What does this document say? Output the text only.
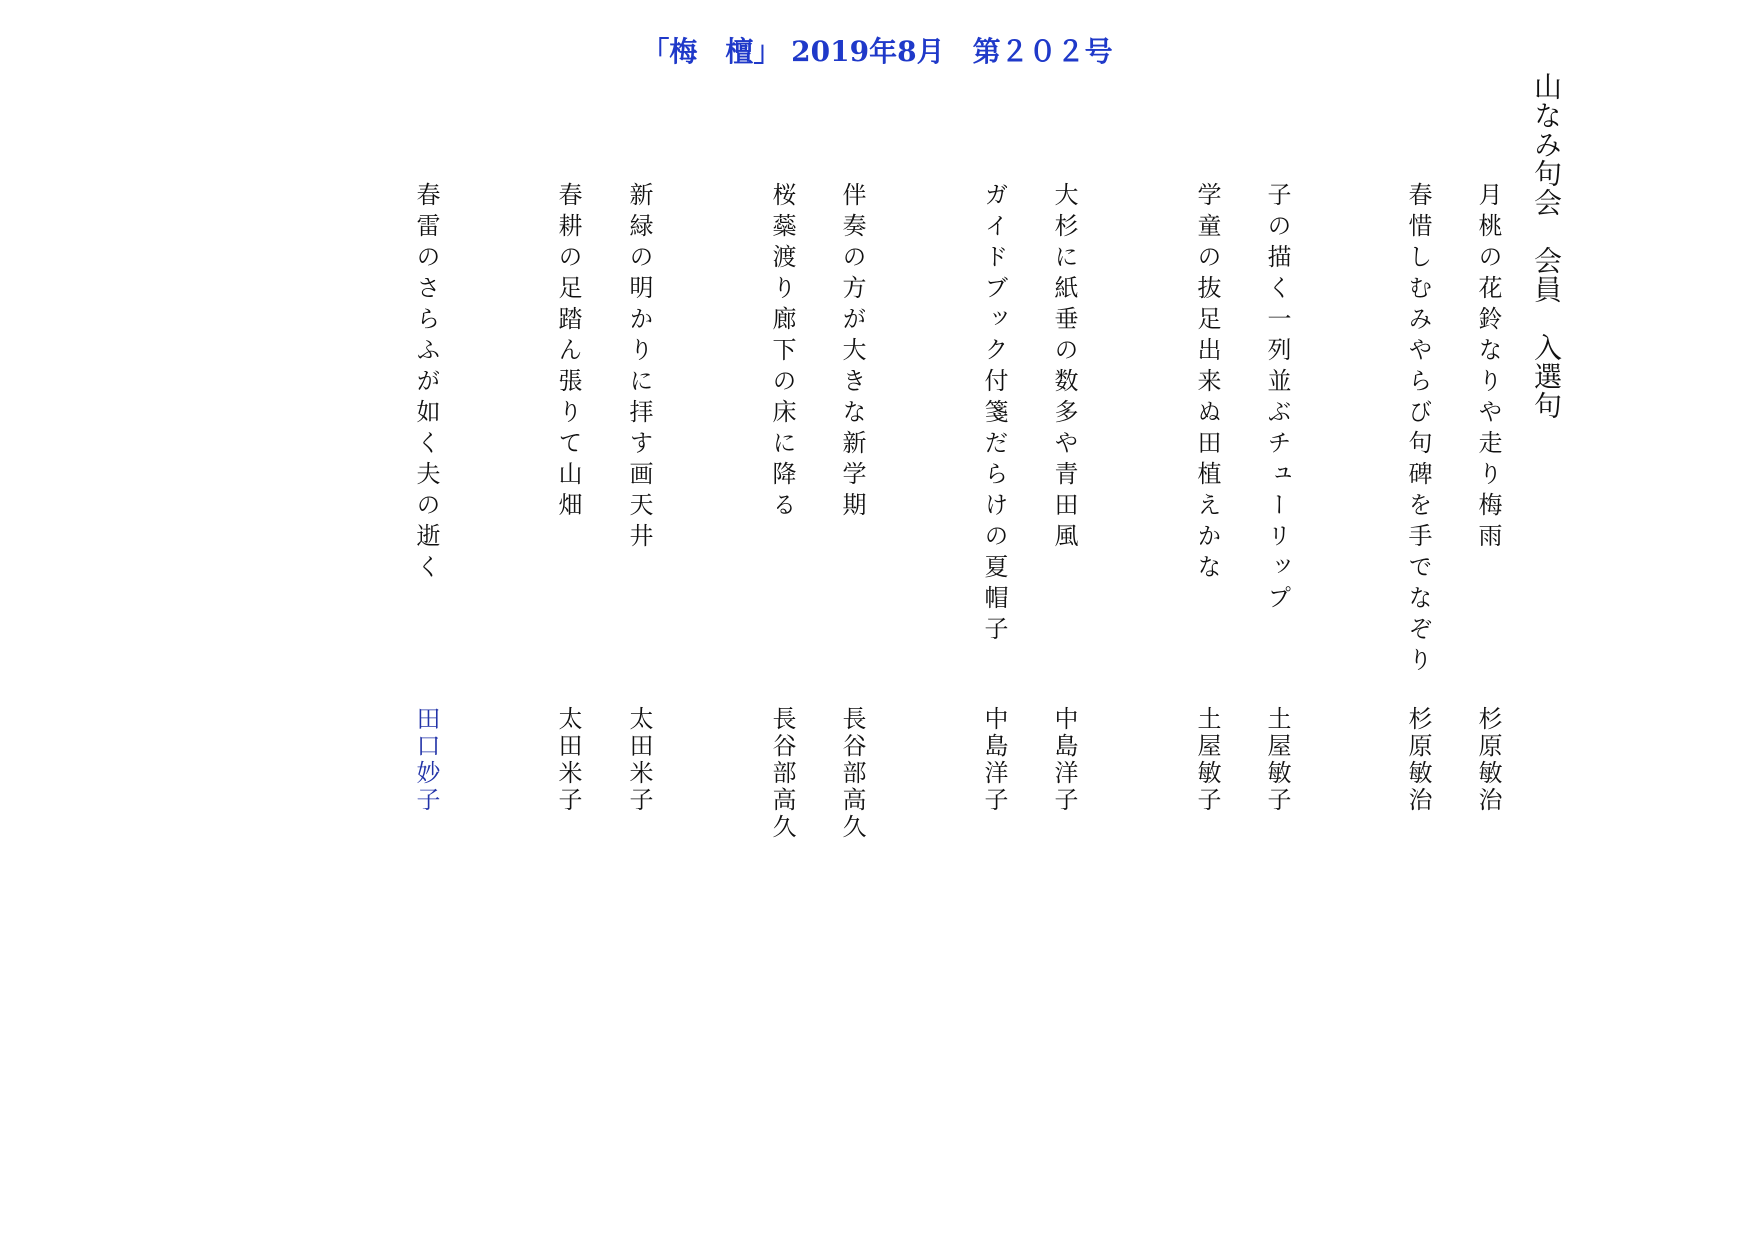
「梅　檀」 2019年8月　第２０２号
山なみ句会　会員　入選句
月桃の花鈴なりや走り梅雨
杉原敏治
春惜しむみやらび句碑を手でなぞり
杉原敏治
子の描く一列並ぶチューリップ
土屋敏子
学童の抜足出来ぬ田植えかな
土屋敏子
大杉に紙垂の数多や青田風
中島洋子
ガイドブック付箋だらけの夏帽子
中島洋子
伴奏の方が大きな新学期
長谷部高久
桜蘂渡り廊下の床に降る
長谷部高久
新緑の明かりに拝す画天井
太田米子
春耕の足踏ん張りて山畑
太田米子
春雷のさらふが如く夫の逝く
田口妙子
